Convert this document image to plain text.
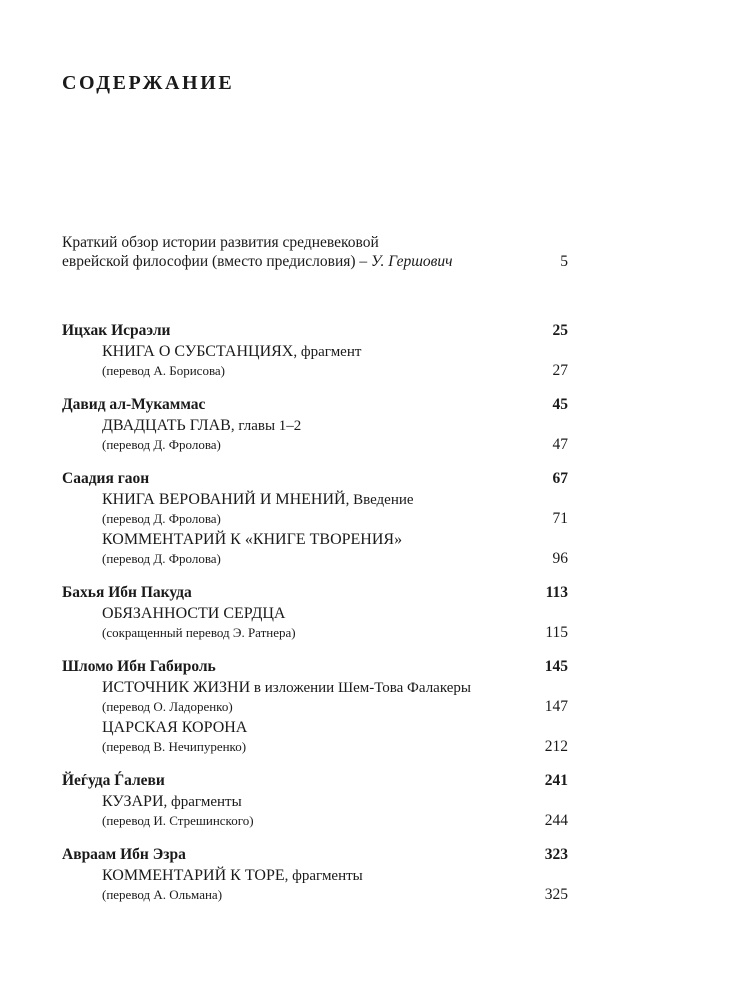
СОДЕРЖАНИЕ
Краткий обзор истории развития средневековой
еврейской философии (вместо предисловия) – У. Гершович	5
Ицхак Исраэли	25
КНИГА О СУБСТАНЦИЯХ, фрагмент
(перевод А. Борисова)	27
Давид ал-Мукаммас	45
ДВАДЦАТЬ ГЛАВ, главы 1–2
(перевод Д. Фролова)	47
Саадия гаон	67
КНИГА ВЕРОВАНИЙ И МНЕНИЙ, Введение
(перевод Д. Фролова)	71
КОММЕНТАРИЙ К «КНИГЕ ТВОРЕНИЯ»
(перевод Д. Фролова)	96
Бахья Ибн Пакуда	113
ОБЯЗАННОСТИ СЕРДЦА
(сокращенный перевод Э. Ратнера)	115
Шломо Ибн Габироль	145
ИСТОЧНИК ЖИЗНИ в изложении Шем-Това Фалакеры
(перевод О. Ладоренко)	147
ЦАРСКАЯ КОРОНА
(перевод В. Нечипуренко)	212
Йеѓуда Ѓалеви	241
КУЗАРИ, фрагменты
(перевод И. Стрешинского)	244
Авраам Ибн Эзра	323
КОММЕНТАРИЙ К ТОРЕ, фрагменты
(перевод А. Ольмана)	325
